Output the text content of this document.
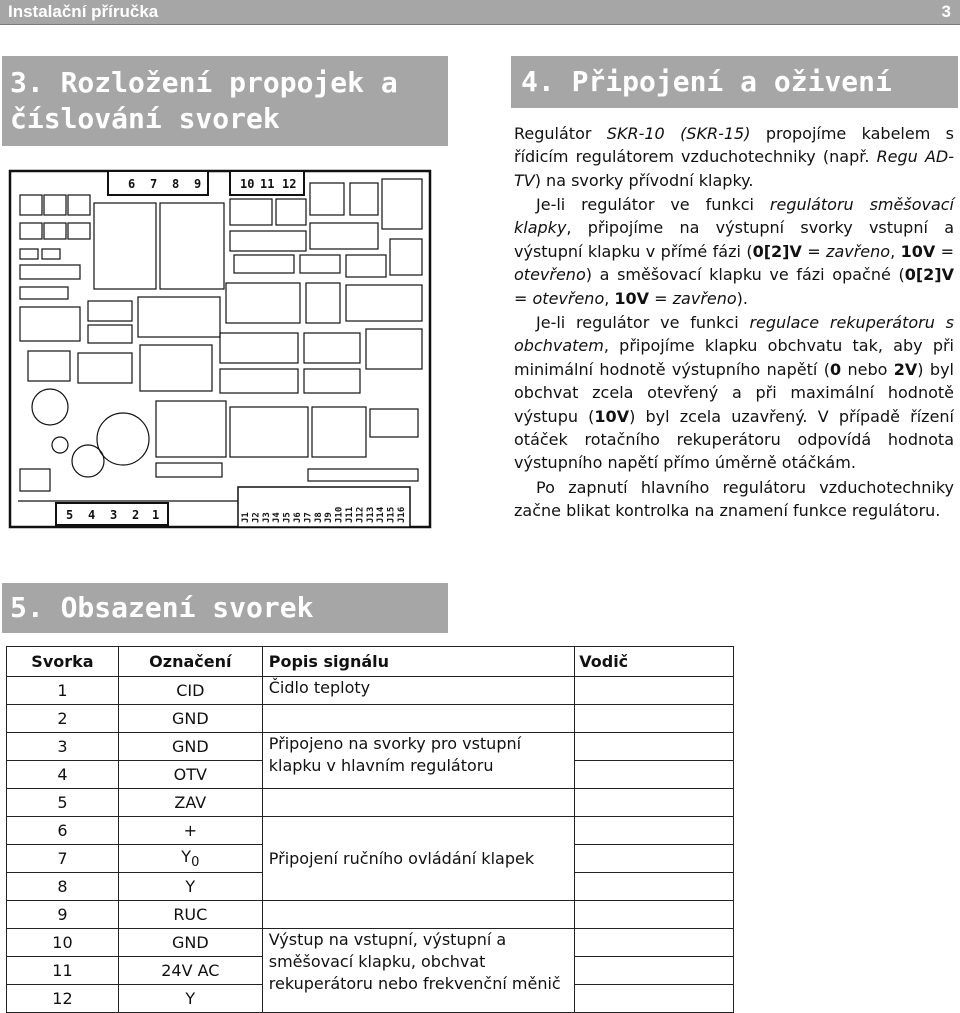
Instalační příručka	3
3. Rozložení propojek a
číslování svorek
6 7 8 9	10 11 12
5 4 3 2 1	J1 J2 J3 J4 J5 J6 J7 J8 J9 J10 J11 J12 J13 J14 J15 J16
4. Připojení a oživení

Regulátor SKR-10 (SKR-15) propojíme kabelem s řídicím regulátorem vzduchotechniky (např. Regu AD-TV) na svorky přívodní klapky.

Je-li regulátor ve funkci regulátoru směšovací klapky, připojíme na výstupní svorky vstupní a výstupní klapku v přímé fázi (0[2]V = zavřeno, 10V = otevřeno) a směšovací klapku ve fázi opačné (0[2]V = otevřeno, 10V = zavřeno).

Je-li regulátor ve funkci regulace rekuperátoru s obchvatem, připojíme klapku obchvatu tak, aby při minimální hodnotě výstupního napětí (0 nebo 2V) byl obchvat zcela otevřený a při maximální hodnotě výstupu (10V) byl zcela uzavřený. V případě řízení otáček rotačního rekuperátoru odpovídá hodnota výstupního napětí přímo úměrně otáčkám.

Po zapnutí hlavního regulátoru vzduchotechniky začne blikat kontrolka na znamení funkce regulátoru.

5. Obsazení svorek
Svorka	Označení	Popis signálu	Vodič
1	CID	Čidlo teploty	
2	GND		
3	GND	Připojeno na svorky pro vstupní klapku v hlavním regulátoru	
4	OTV		
5	ZAV		
6	+	Připojení ručního ovládání klapek	
7	$Y_0$	
8	Y		
9	RUC		
10	GND	Výstup na vstupní, výstupní a směšovací klapku, obchvat rekuperátoru nebo frekvenční měnič	
11	24V AC		
12	Y		
